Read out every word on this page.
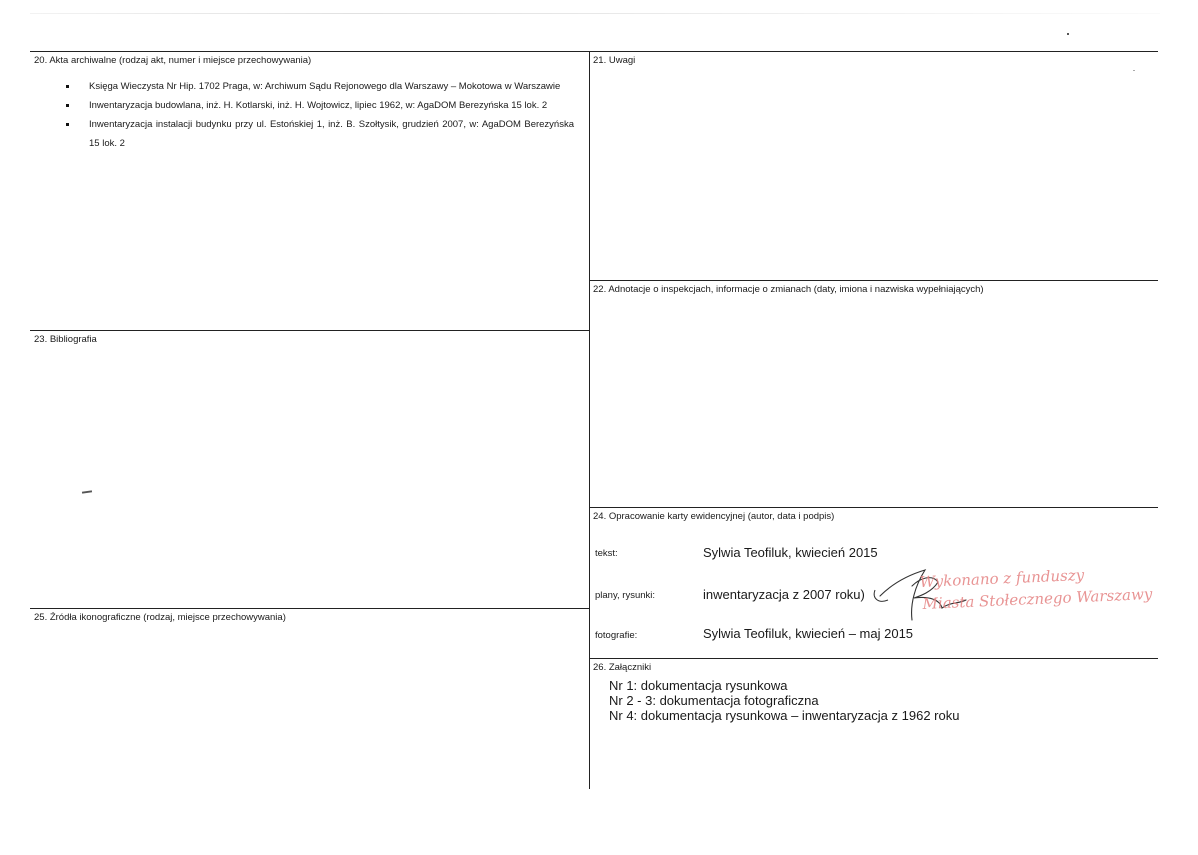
20. Akta archiwalne (rodzaj akt, numer i miejsce przechowywania)
Księga Wieczysta Nr Hip. 1702 Praga, w: Archiwum Sądu Rejonowego dla Warszawy – Mokotowa w Warszawie
Inwentaryzacja budowlana, inż. H. Kotlarski, inż. H. Wojtowicz, lipiec 1962, w: AgaDOM Berezyńska 15 lok. 2
Inwentaryzacja instalacji budynku przy ul. Estońskiej 1, inż. B. Szołtysik, grudzień 2007, w: AgaDOM Berezyńska 15 lok. 2
21. Uwagi
22. Adnotacje o inspekcjach, informacje o zmianach (daty, imiona i nazwiska wypełniających)
23. Bibliografia
24. Opracowanie karty ewidencyjnej (autor, data i podpis)
tekst:	Sylwia Teofiluk, kwiecień 2015
plany, rysunki:	inwentaryzacja z 2007 roku)
fotografie:	Sylwia Teofiluk, kwiecień – maj 2015
Wykonano z funduszy
Miasta Stołecznego Warszawy
25. Źródła ikonograficzne (rodzaj, miejsce przechowywania)
26. Załączniki
Nr 1: dokumentacja rysunkowa
Nr 2 - 3: dokumentacja fotograficzna
Nr 4: dokumentacja rysunkowa – inwentaryzacja z 1962 roku
